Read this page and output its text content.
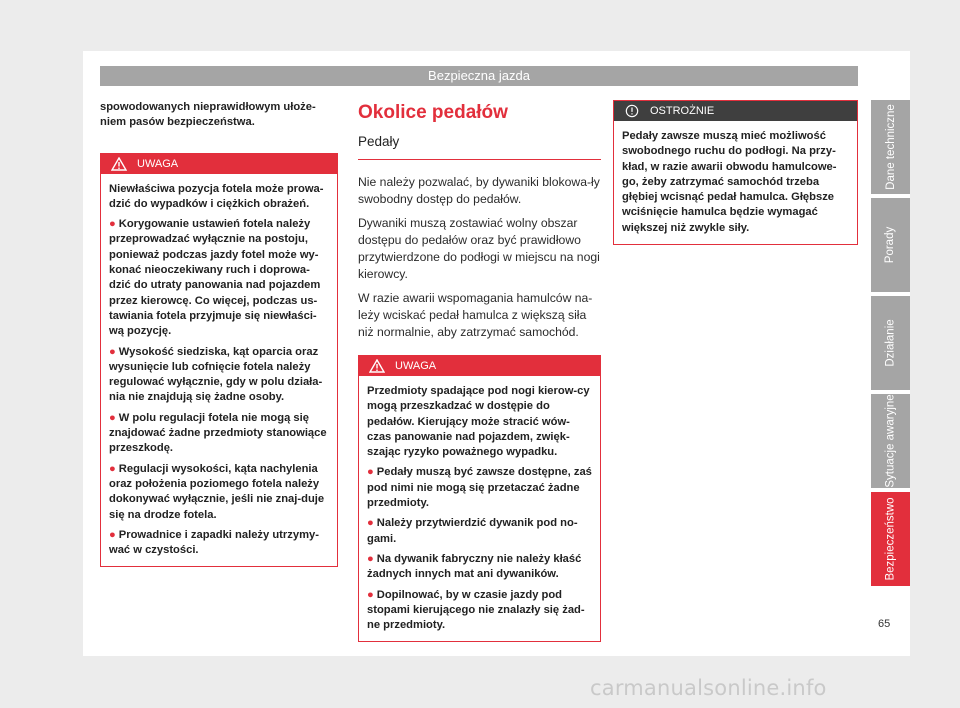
Bezpieczna jazda

spowodowanych nieprawidłowym ułoże-niem pasów bezpieczeństwa.

UWAGA

Niewłaściwa pozycja fotela może prowa-dzić do wypadków i ciężkich obrażeń.

● Korygowanie ustawień fotela należy przeprowadzać wyłącznie na postoju, ponieważ podczas jazdy fotel może wy-konać nieoczekiwany ruch i doprowa-dzić do utraty panowania nad pojazdem przez kierowcę. Co więcej, podczas us-tawiania fotela przyjmuje się niewłaści-wą pozycję.

● Wysokość siedziska, kąt oparcia oraz wysunięcie lub cofnięcie fotela należy regulować wyłącznie, gdy w polu działa-nia nie znajdują się żadne osoby.

● W polu regulacji fotela nie mogą się znajdować żadne przedmioty stanowiące przeszkodę.

● Regulacji wysokości, kąta nachylenia oraz położenia poziomego fotela należy dokonywać wyłącznie, jeśli nie znaj-duje się na drodze fotela.

● Prowadnice i zapadki należy utrzymy-wać w czystości.

Okolice pedałów
Pedały

Nie należy pozwalać, by dywaniki blokowa-ły swobodny dostęp do pedałów.

Dywaniki muszą zostawiać wolny obszar dostępu do pedałów oraz być prawidłowo przytwierdzone do podłogi w miejscu na nogi kierowcy.

W razie awarii wspomagania hamulców na-leży wciskać pedał hamulca z większą siła niż normalnie, aby zatrzymać samochód.

UWAGA

Przedmioty spadające pod nogi kierow-cy mogą przeszkadzać w dostępie do pedałów. Kierujący może stracić wów-czas panowanie nad pojazdem, zwięk-szając ryzyko poważnego wypadku.

● Pedały muszą być zawsze dostępne, zaś pod nimi nie mogą się przetaczać żadne przedmioty.

● Należy przytwierdzić dywanik pod no-gami.

● Na dywanik fabryczny nie należy kłaść żadnych innych mat ani dywaników.

● Dopilnować, by w czasie jazdy pod stopami kierującego nie znalazły się żad-ne przedmioty.

OSTROŻNIE

Pedały zawsze muszą mieć możliwość swobodnego ruchu do podłogi. Na przy-kład, w razie awarii obwodu hamulcowe-go, żeby zatrzymać samochód trzeba głębiej wcisnąć pedał hamulca. Głębsze wciśnięcie hamulca będzie wymagać większej niż zwykle siły.

Dane techniczne
Porady
Działanie
Sytuacje awaryjne
Bezpieczeństwo
65
carmanualsonline.info
